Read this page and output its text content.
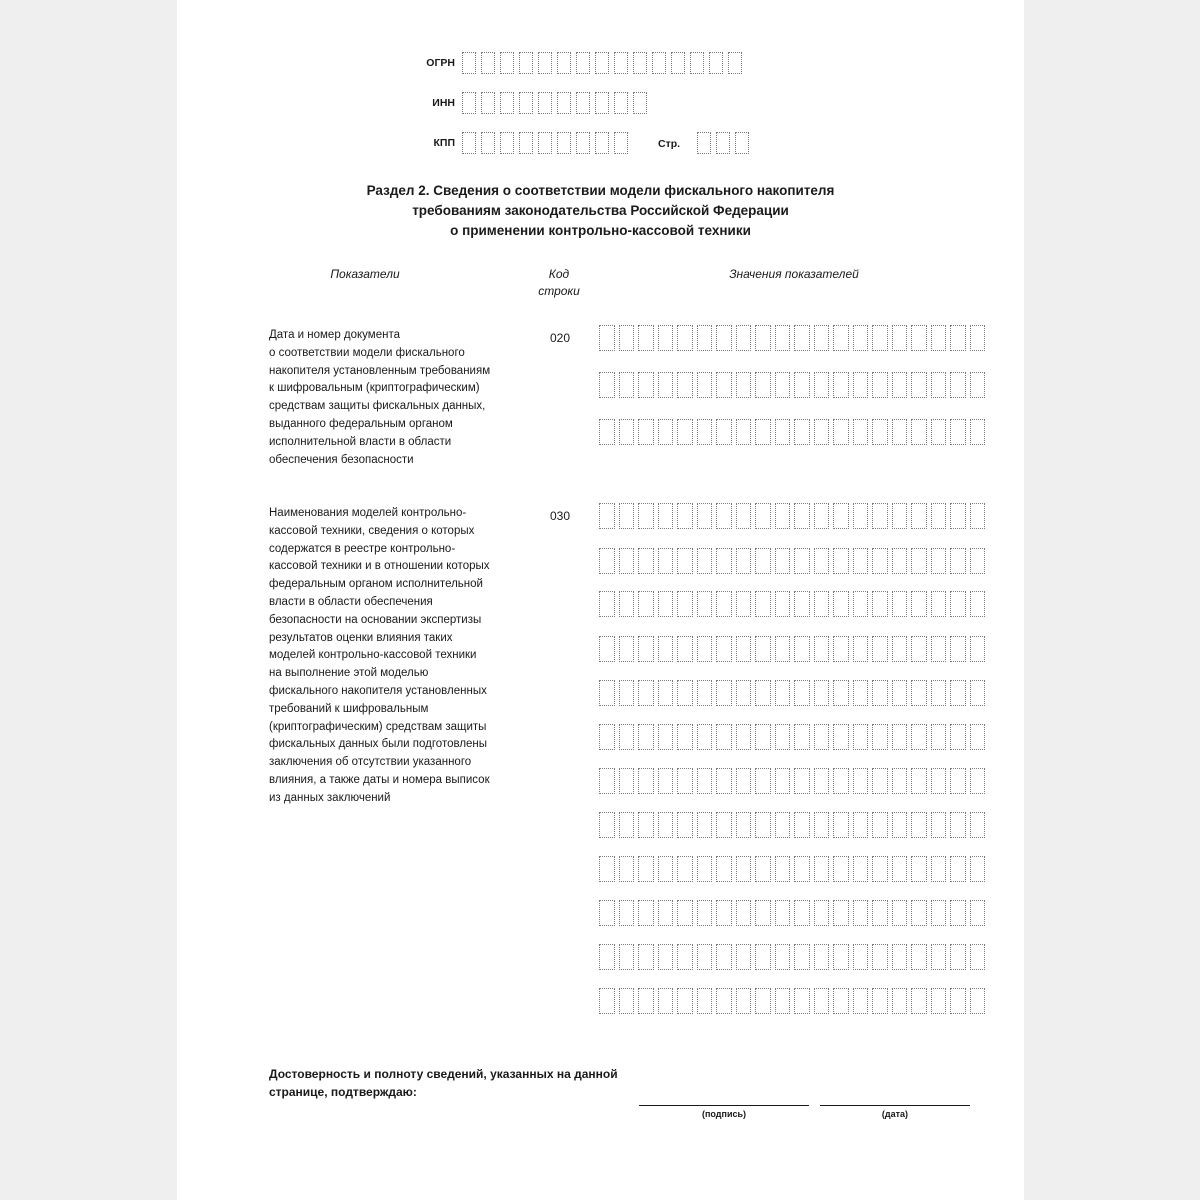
ОГРН
ИНН
КПП	Стр.
Раздел 2. Сведения о соответствии модели фискального накопителя
требованиям законодательства Российской Федерации
о применении контрольно-кассовой техники
Показатели	Код
строки
Значения показателей
Дата и номер документа
о соответствии модели фискального
накопителя установленным требованиям
к шифровальным (криптографическим)
средствам защиты фискальных данных,
выданного федеральным органом
исполнительной власти в области
обеспечения безопасности
020
Наименования моделей контрольно-
кассовой техники, сведения о которых
содержатся в реестре контрольно-
кассовой техники и в отношении которых
федеральным органом исполнительной
власти в области обеспечения
безопасности на основании экспертизы
результатов оценки влияния таких
моделей контрольно-кассовой техники
на выполнение этой моделью
фискального накопителя установленных
требований к шифровальным
(криптографическим) средствам защиты
фискальных данных были подготовлены
заключения об отсутствии указанного
влияния, а также даты и номера выписок
из данных заключений
030
Достоверность и полноту сведений, указанных на данной
странице, подтверждаю:
(подпись)	(дата)
